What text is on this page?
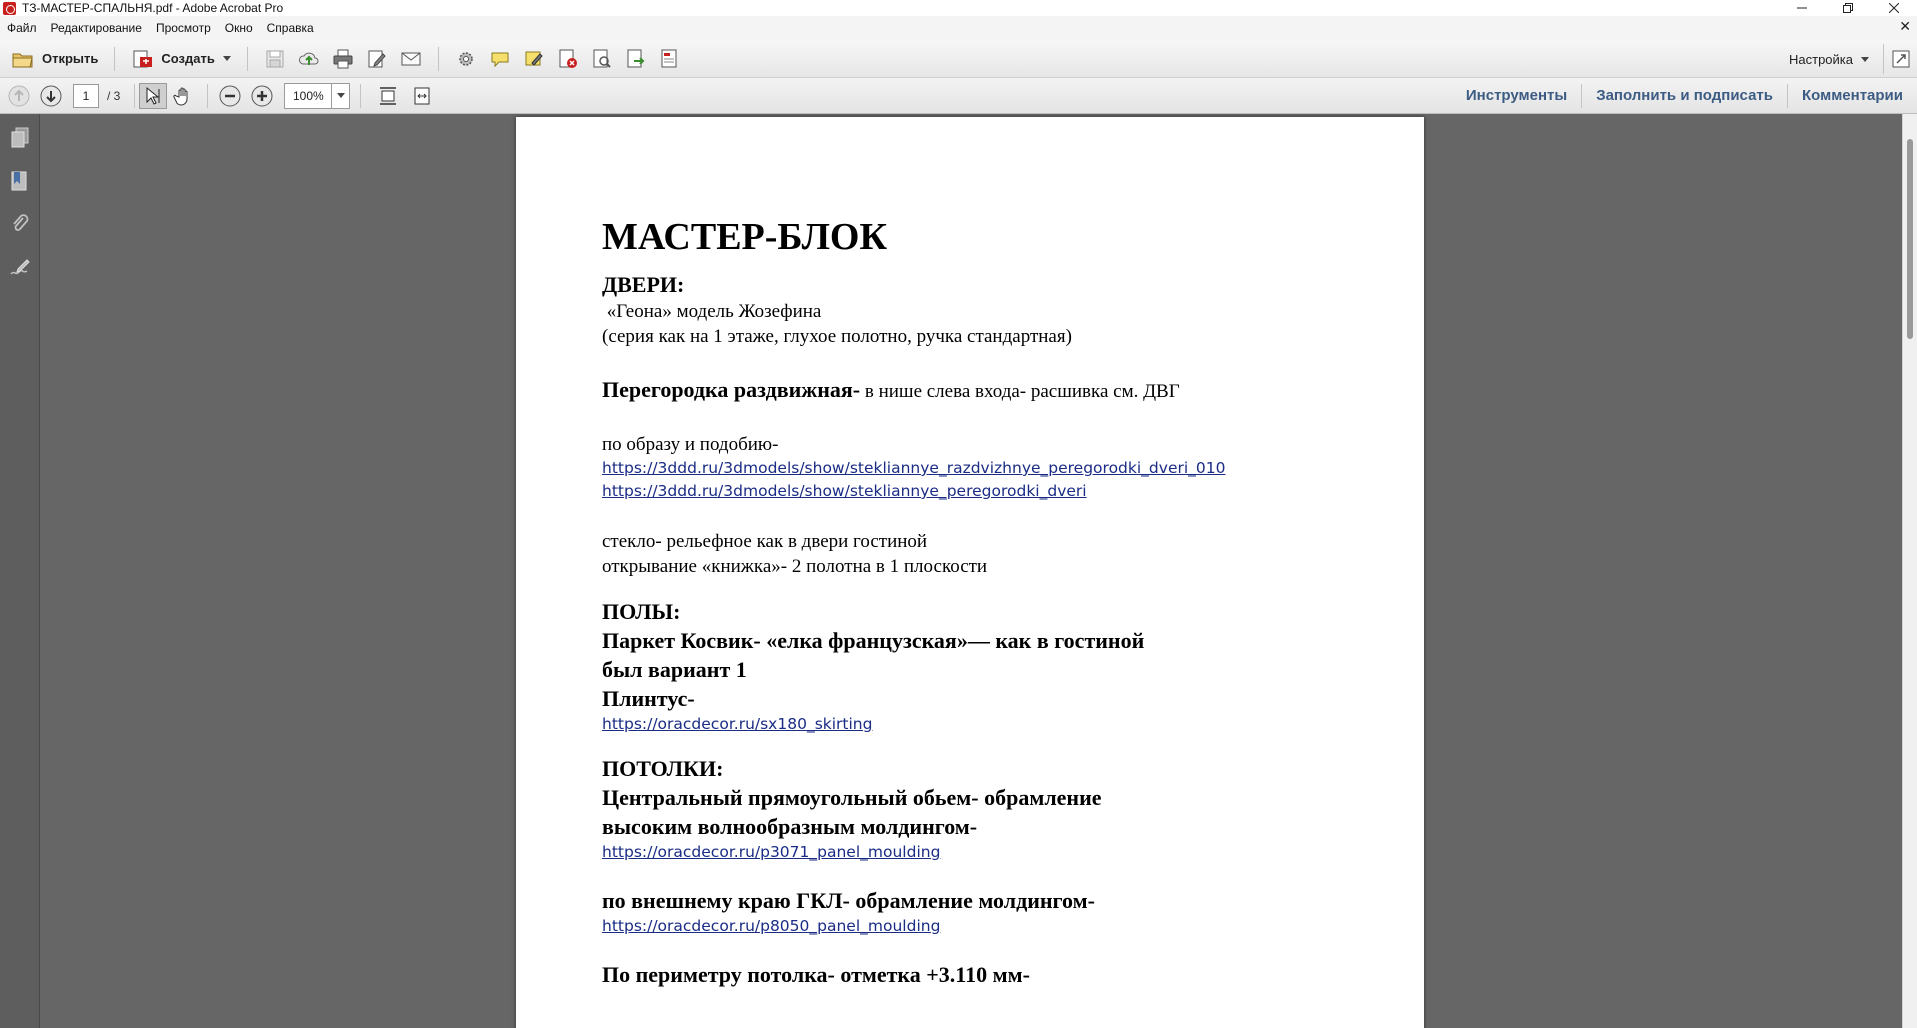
ТЗ-МАСТЕР-СПАЛЬНЯ.pdf - Adobe Acrobat Pro
Файл	Редактирование	Просмотр	Окно	Справка	✕
Открыть	Создать	Настройка
1	/ 3	100%	Инструменты	Заполнить и подписать	Комментарии
МАСТЕР-БЛОК
ДВЕРИ:
«Геона» модель Жозефина
(серия как на 1 этаже, глухое полотно, ручка стандартная)
Перегородка раздвижная- в нише слева входа- расшивка см. ДВГ
по образу и подобию-
https://3ddd.ru/3dmodels/show/stekliannye_razdvizhnye_peregorodki_dveri_010
https://3ddd.ru/3dmodels/show/stekliannye_peregorodki_dveri
стекло- рельефное как в двери гостиной
открывание «книжка»- 2 полотна в 1 плоскости
ПОЛЫ:
Паркет Косвик- «елка французская»— как в гостиной был вариант 1
Плинтус-
https://oracdecor.ru/sx180_skirting
ПОТОЛКИ:
Центральный прямоугольный обьем- обрамление высоким волнообразным молдингом-
https://oracdecor.ru/p3071_panel_moulding
по внешнему краю ГКЛ- обрамление молдингом-
https://oracdecor.ru/p8050_panel_moulding
По периметру потолка- отметка +3.110 мм-
